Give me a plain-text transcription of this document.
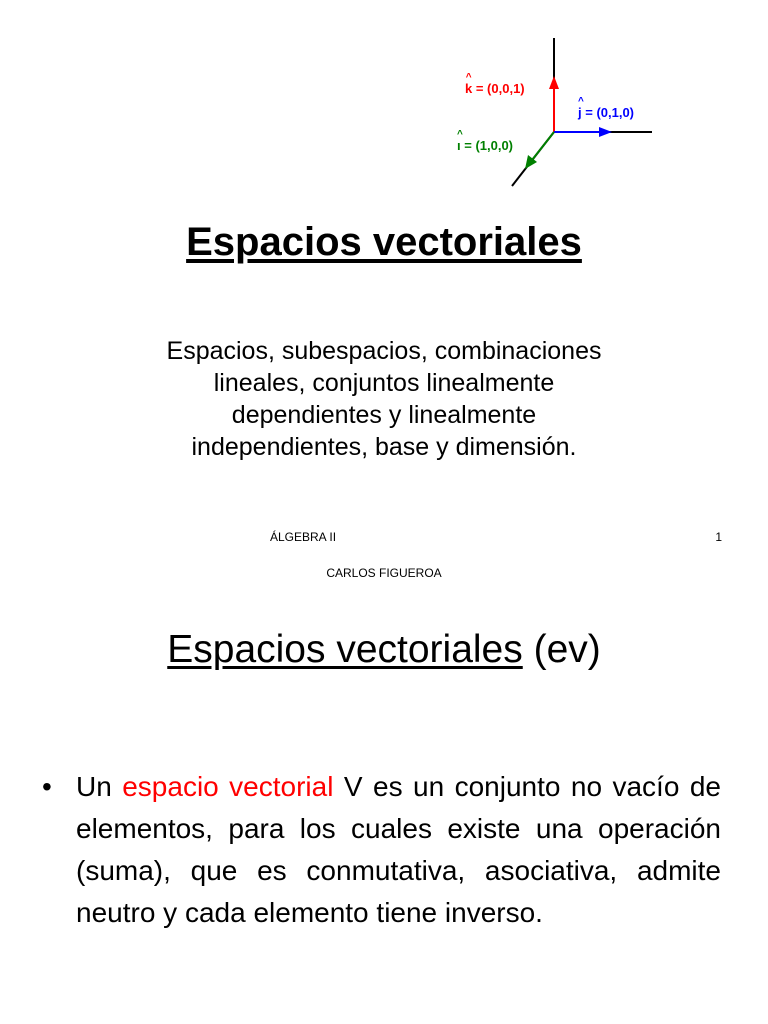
^ k = (0,0,1)
^ j = (0,1,0)
^ ı = (1,0,0)
Espacios vectoriales
Espacios, subespacios, combinaciones
lineales, conjuntos linealmente
dependientes y linealmente
independientes, base y dimensión.
ÁLGEBRA II	1
CARLOS FIGUEROA
Espacios vectoriales (ev)
• Un espacio vectorial V es un conjunto no vacío de elementos, para los cuales existe una operación (suma), que es conmutativa, asociativa, admite neutro y cada elemento tiene inverso.
